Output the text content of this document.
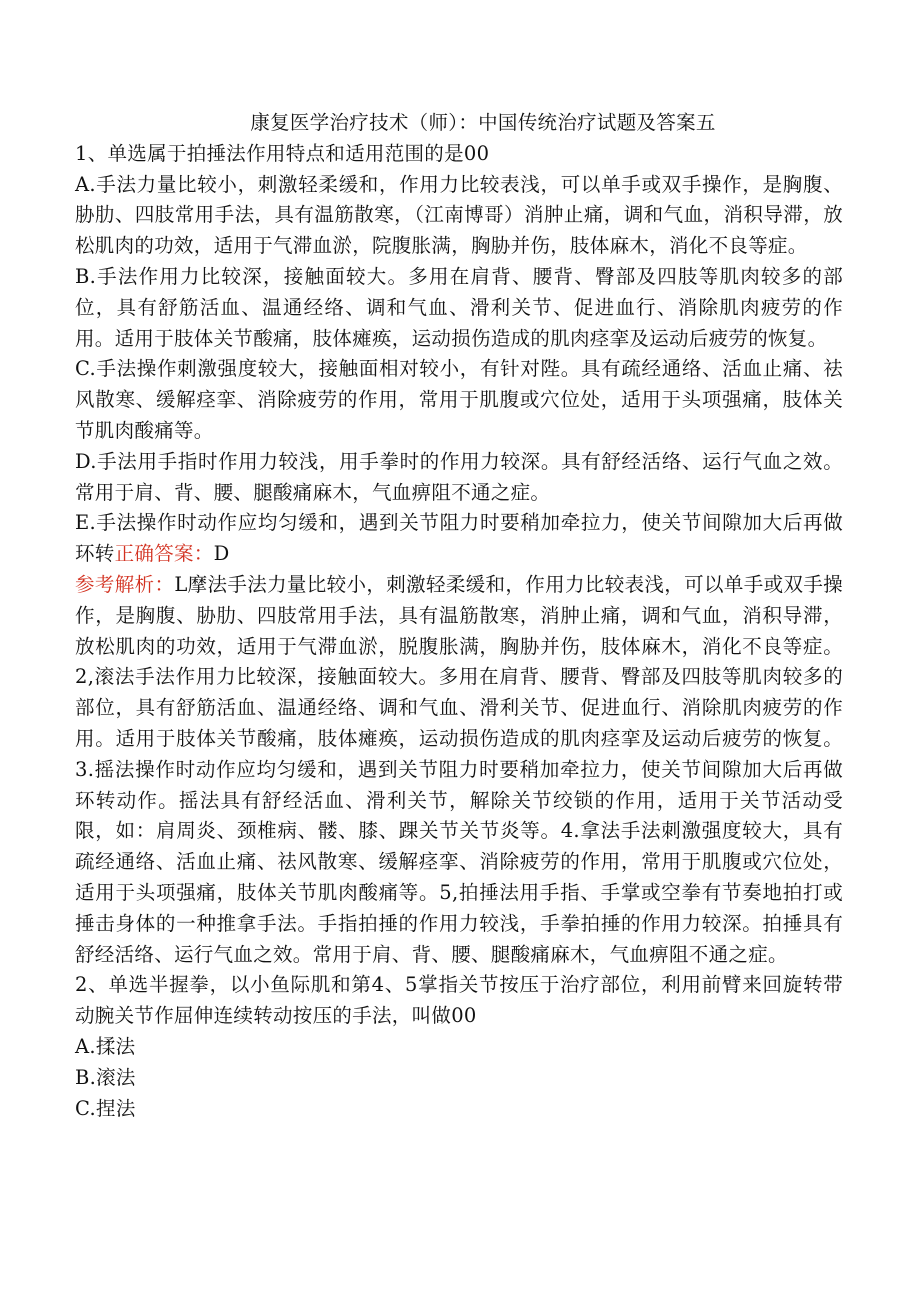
康复医学治疗技术（师）：中国传统治疗试题及答案五

1、单选属于拍捶法作用特点和适用范围的是00

A.手法力量比较小，刺激轻柔缓和，作用力比较表浅，可以单手或双手操作，是胸腹、胁肋、四肢常用手法，具有温筋散寒，（江南博哥）消肿止痛，调和气血，消积导滞，放松肌肉的功效，适用于气滞血淤，院腹胀满，胸胁并伤，肢体麻木，消化不良等症。

B.手法作用力比较深，接触面较大。多用在肩背、腰背、臀部及四肢等肌肉较多的部位，具有舒筋活血、温通经络、调和气血、滑利关节、促进血行、消除肌肉疲劳的作用。适用于肢体关节酸痛，肢体瘫痪，运动损伤造成的肌肉痉挛及运动后疲劳的恢复。

C.手法操作刺激强度较大，接触面相对较小，有针对陛。具有疏经通络、活血止痛、祛风散寒、缓解痉挛、消除疲劳的作用，常用于肌腹或穴位处，适用于头项强痛，肢体关节肌肉酸痛等。

D.手法用手指时作用力较浅，用手拳时的作用力较深。具有舒经活络、运行气血之效。常用于肩、背、腰、腿酸痛麻木，气血痹阻不通之症。

E.手法操作时动作应均匀缓和，遇到关节阻力时要稍加牵拉力，使关节间隙加大后再做环转正确答案：D

参考解析：L摩法手法力量比较小，刺激轻柔缓和，作用力比较表浅，可以单手或双手操作，是胸腹、胁肋、四肢常用手法，具有温筋散寒，消肿止痛，调和气血，消积导滞，放松肌肉的功效，适用于气滞血淤，脱腹胀满，胸胁并伤，肢体麻木，消化不良等症。2,滚法手法作用力比较深，接触面较大。多用在肩背、腰背、臀部及四肢等肌肉较多的部位，具有舒筋活血、温通经络、调和气血、滑利关节、促进血行、消除肌肉疲劳的作用。适用于肢体关节酸痛，肢体瘫痪，运动损伤造成的肌肉痉挛及运动后疲劳的恢复。3.摇法操作时动作应均匀缓和，遇到关节阻力时要稍加牵拉力，使关节间隙加大后再做环转动作。摇法具有舒经活血、滑利关节，解除关节绞锁的作用，适用于关节活动受限，如：肩周炎、颈椎病、髅、膝、踝关节关节炎等。4.拿法手法刺激强度较大，具有疏经通络、活血止痛、祛风散寒、缓解痉挛、消除疲劳的作用，常用于肌腹或穴位处，适用于头项强痛，肢体关节肌肉酸痛等。5,拍捶法用手指、手掌或空拳有节奏地拍打或捶击身体的一种推拿手法。手指拍捶的作用力较浅，手拳拍捶的作用力较深。拍捶具有舒经活络、运行气血之效。常用于肩、背、腰、腿酸痛麻木，气血痹阻不通之症。

2、单选半握拳，以小鱼际肌和第4、5掌指关节按压于治疗部位，利用前臂来回旋转带动腕关节作屈伸连续转动按压的手法，叫做00

A.揉法

B.滚法

C.捏法
